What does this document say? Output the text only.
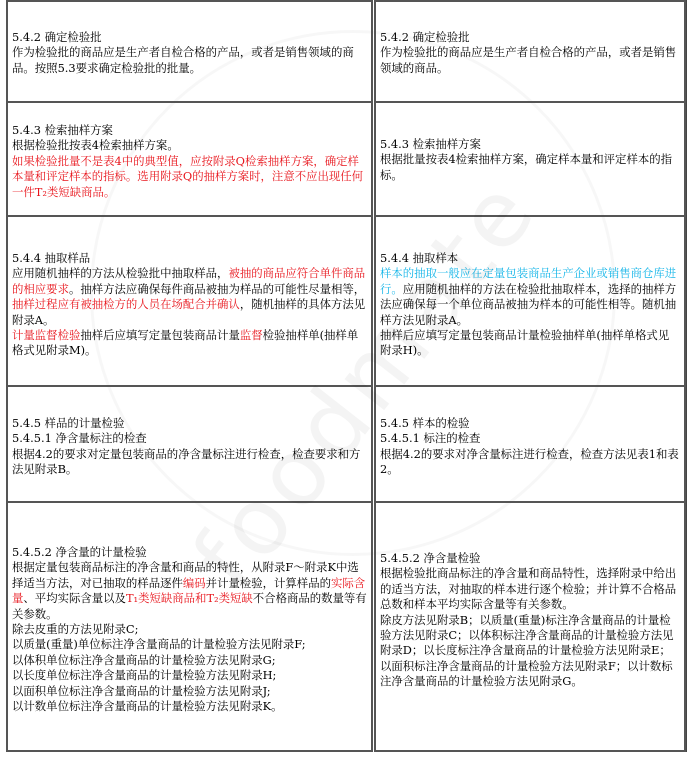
5.4.2 确定检验批
作为检验批的商品应是生产者自检合格的产品，或者是销售领域的商品。按照5.3要求确定检验批的批量。
5.4.2 确定检验批
作为检验批的商品应是生产者自检合格的产品，或者是销售领域的商品。
5.4.3 检索抽样方案
根据检验批按表4检索抽样方案。
如果检验批量不是表4中的典型值，应按附录Q检索抽样方案，确定样本量和评定样本的指标。选用附录Q的抽样方案时，注意不应出现任何一件T₂类短缺商品。
5.4.3 检索抽样方案
根据批量按表4检索抽样方案，确定样本量和评定样本的指标。
5.4.4 抽取样品
应用随机抽样的方法从检验批中抽取样品，被抽的商品应符合单件商品的相应要求。抽样方法应确保每件商品被抽为样品的可能性尽量相等，抽样过程应有被抽检方的人员在场配合并确认，随机抽样的具体方法见附录A。
计量监督检验抽样后应填写定量包装商品计量监督检验抽样单(抽样单格式见附录M)。
5.4.4 抽取样本
样本的抽取一般应在定量包装商品生产企业或销售商仓库进行。应用随机抽样的方法在检验批抽取样本，选择的抽样方法应确保每一个单位商品被抽为样本的可能性相等。随机抽样方法见附录A。
抽样后应填写定量包装商品计量检验抽样单(抽样单格式见附录H)。
5.4.5 样品的计量检验
5.4.5.1 净含量标注的检查
根据4.2的要求对定量包装商品的净含量标注进行检查，检查要求和方法见附录B。
5.4.5 样本的检验
5.4.5.1 标注的检查
根据4.2的要求对净含量标注进行检查，检查方法见表1和表2。
5.4.5.2 净含量的计量检验
根据定量包装商品标注的净含量和商品的特性，从附录F～附录K中选择适当方法，对已抽取的样品逐件编码并计量检验，计算样品的实际含量、平均实际含量以及T₁类短缺商品和T₂类短缺不合格商品的数量等有关参数。
除去皮重的方法见附录C;
以质量(重量)单位标注净含量商品的计量检验方法见附录F;
以体积单位标注净含量商品的计量检验方法见附录G;
以长度单位标注净含量商品的计量检验方法见附录H;
以面积单位标注净含量商品的计量检验方法见附录J;
以计数单位标注净含量商品的计量检验方法见附录K。
5.4.5.2 净含量检验
根据检验批商品标注的净含量和商品特性，选择附录中给出的适当方法，对抽取的样本进行逐个检验；并计算不合格品总数和样本平均实际含量等有关参数。
除皮方法见附录B；以质量(重量)标注净含量商品的计量检验方法见附录C；以体积标注净含量商品的计量检验方法见附录D；以长度标注净含量商品的计量检验方法见附录E；以面积标注净含量商品的计量检验方法见附录F；以计数标注净含量商品的计量检验方法见附录G。
